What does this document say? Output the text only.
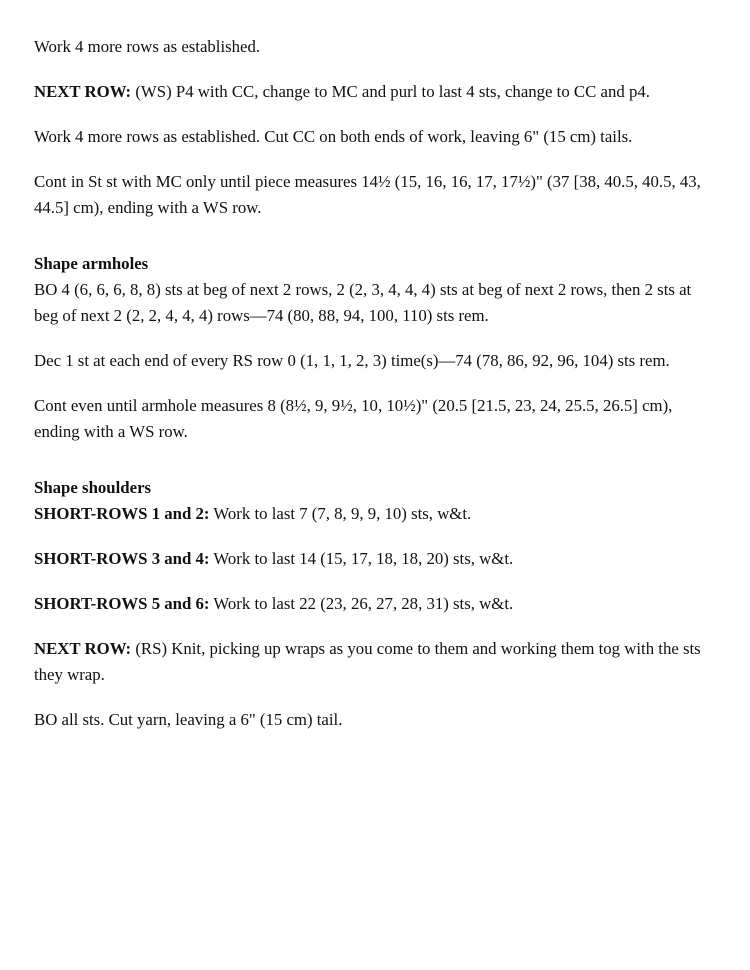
Work 4 more rows as established.

NEXT ROW: (WS) P4 with CC, change to MC and purl to last 4 sts, change to CC and p4.

Work 4 more rows as established. Cut CC on both ends of work, leaving 6" (15 cm) tails.

Cont in St st with MC only until piece measures 14½ (15, 16, 16, 17, 17½)" (37 [38, 40.5, 40.5, 43, 44.5] cm), ending with a WS row.

Shape armholes

BO 4 (6, 6, 6, 8, 8) sts at beg of next 2 rows, 2 (2, 3, 4, 4, 4) sts at beg of next 2 rows, then 2 sts at beg of next 2 (2, 2, 4, 4, 4) rows—74 (80, 88, 94, 100, 110) sts rem.

Dec 1 st at each end of every RS row 0 (1, 1, 1, 2, 3) time(s)—74 (78, 86, 92, 96, 104) sts rem.

Cont even until armhole measures 8 (8½, 9, 9½, 10, 10½)" (20.5 [21.5, 23, 24, 25.5, 26.5] cm), ending with a WS row.

Shape shoulders

SHORT-ROWS 1 and 2: Work to last 7 (7, 8, 9, 9, 10) sts, w&t.

SHORT-ROWS 3 and 4: Work to last 14 (15, 17, 18, 18, 20) sts, w&t.

SHORT-ROWS 5 and 6: Work to last 22 (23, 26, 27, 28, 31) sts, w&t.

NEXT ROW: (RS) Knit, picking up wraps as you come to them and working them tog with the sts they wrap.

BO all sts. Cut yarn, leaving a 6" (15 cm) tail.
